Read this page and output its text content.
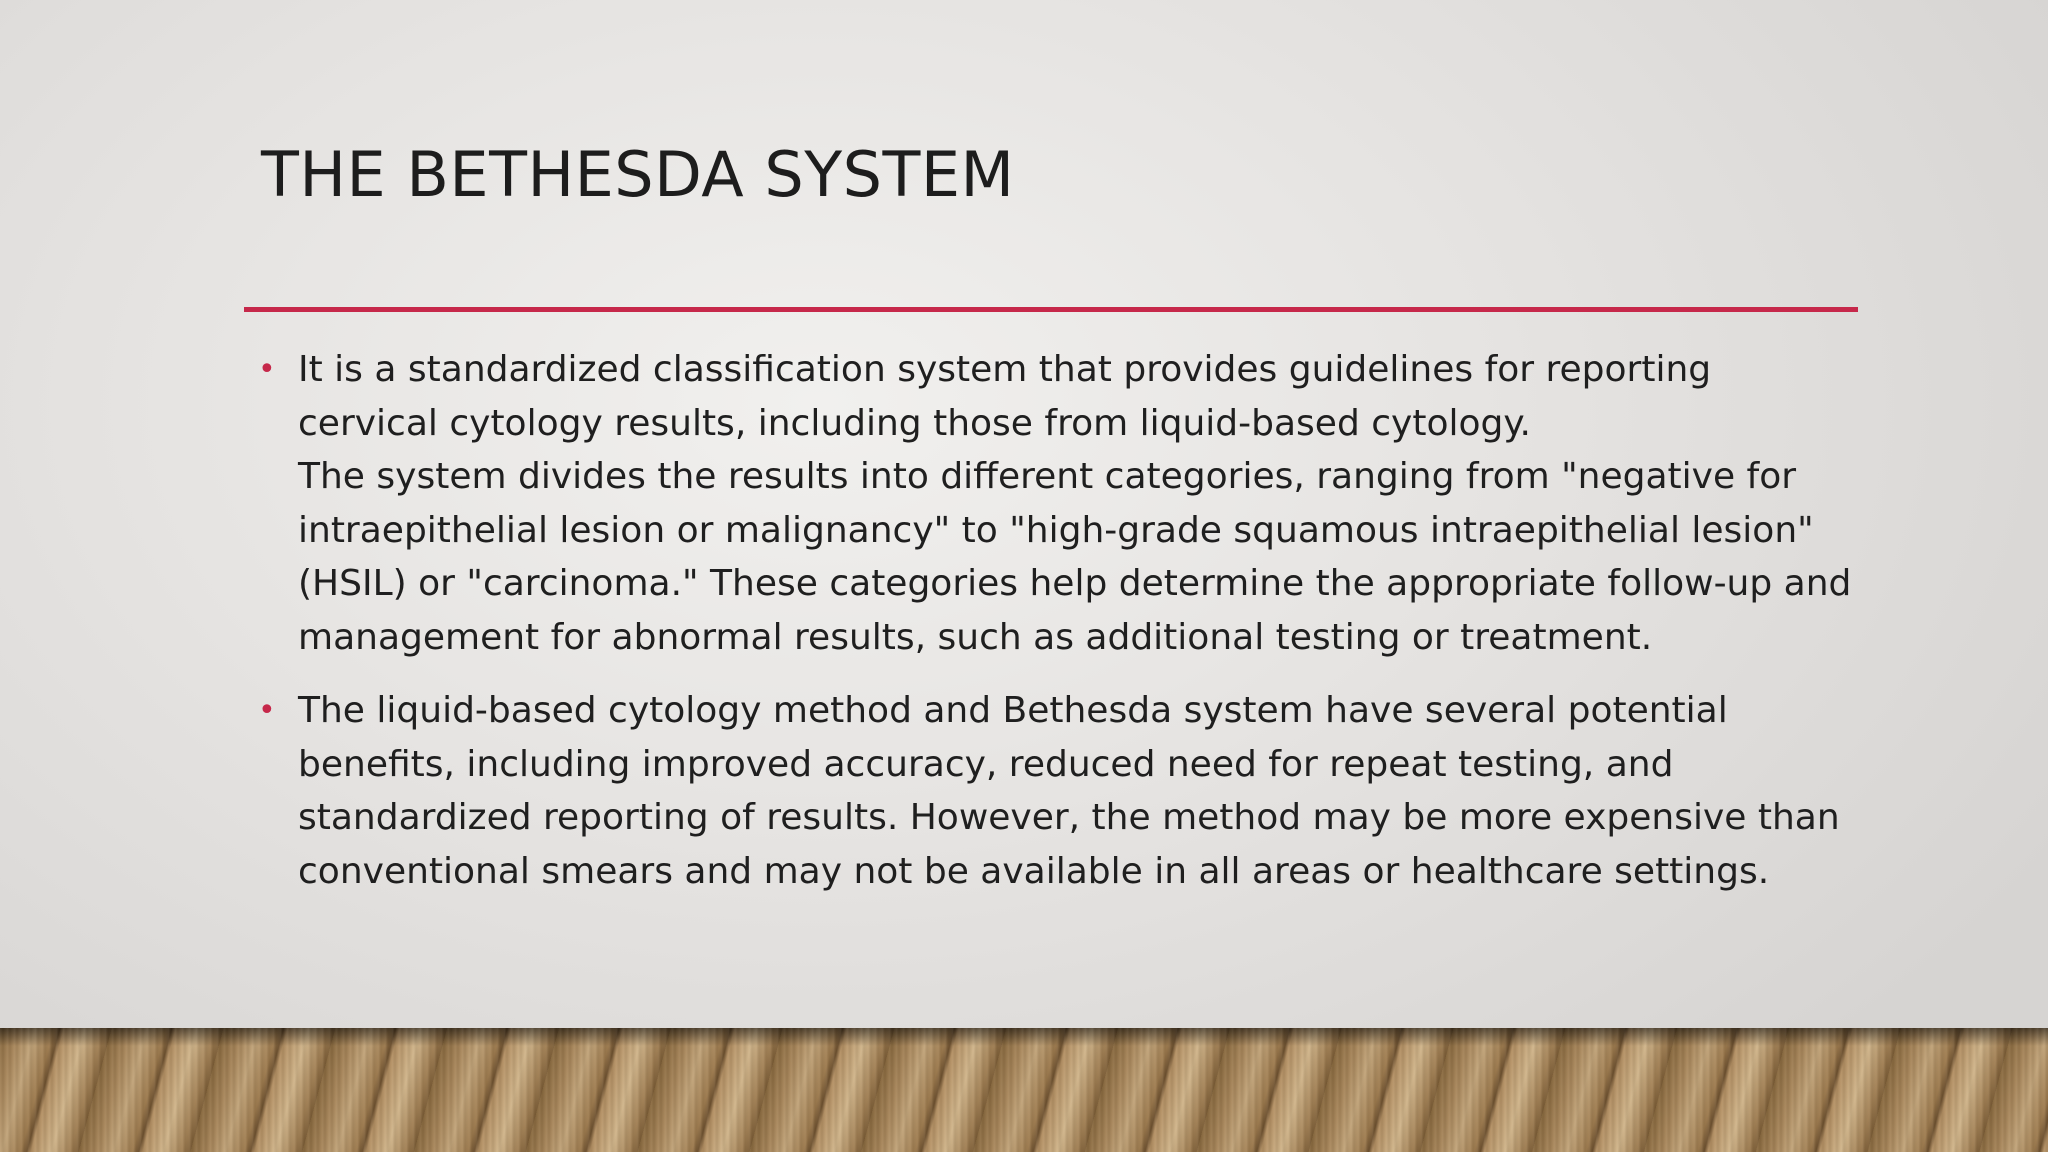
THE BETHESDA SYSTEM
• It is a standardized classification system that provides guidelines for reporting cervical cytology results, including those from liquid-based cytology.
The system divides the results into different categories, ranging from "negative for intraepithelial lesion or malignancy" to "high-grade squamous intraepithelial lesion" (HSIL) or "carcinoma." These categories help determine the appropriate follow-up and management for abnormal results, such as additional testing or treatment.
• The liquid-based cytology method and Bethesda system have several potential benefits, including improved accuracy, reduced need for repeat testing, and standardized reporting of results. However, the method may be more expensive than conventional smears and may not be available in all areas or healthcare settings.
